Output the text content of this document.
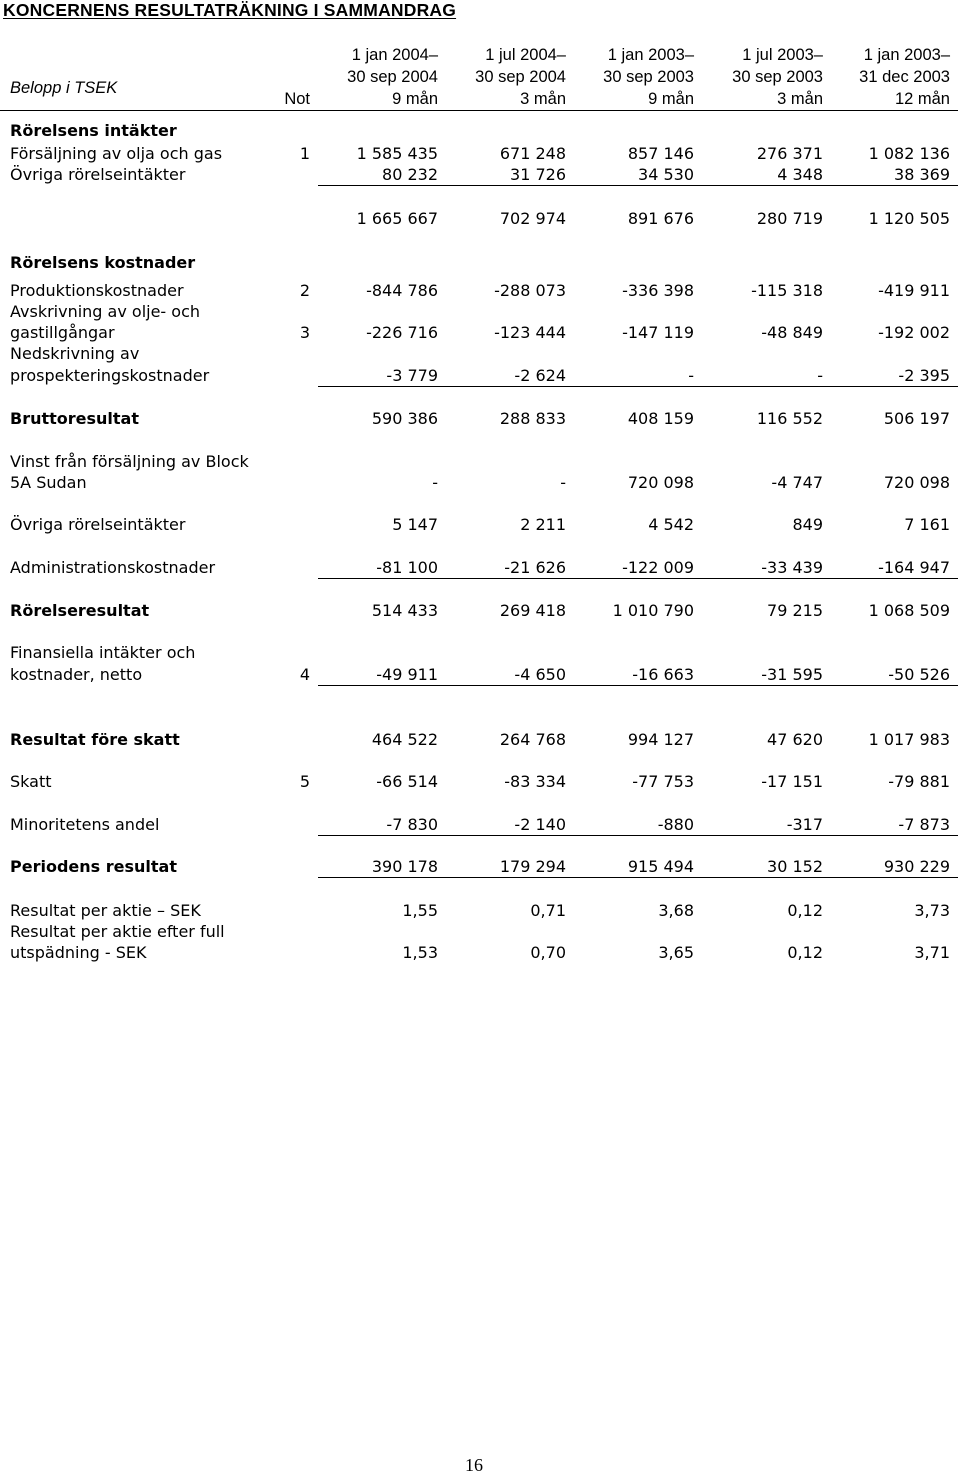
KONCERNENS RESULTATRÄKNING I SAMMANDRAG
1 jan 2004–	1 jul 2004–	1 jan 2003–	1 jul 2003–	1 jan 2003–
Belopp i TSEK
30 sep 2004	30 sep 2004	30 sep 2003	30 sep 2003	31 dec 2003
Not	9 mån	3 mån	9 mån	3 mån	12 mån
Rörelsens intäkter
Försäljning av olja och gas	1	1 585 435	671 248	857 146	276 371	1 082 136
Övriga rörelseintäkter	80 232	31 726	34 530	4 348	38 369
1 665 667	702 974	891 676	280 719	1 120 505
Rörelsens kostnader
Produktionskostnader	2	-844 786	-288 073	-336 398	-115 318	-419 911
Avskrivning av olje- och
gastillgångar	3	-226 716	-123 444	-147 119	-48 849	-192 002
Nedskrivning av
prospekteringskostnader	-3 779	-2 624	-	-	-2 395
Bruttoresultat	590 386	288 833	408 159	116 552	506 197
Vinst från försäljning av Block
5A Sudan	-	-	720 098	-4 747	720 098
Övriga rörelseintäkter	5 147	2 211	4 542	849	7 161
Administrationskostnader	-81 100	-21 626	-122 009	-33 439	-164 947
Rörelseresultat	514 433	269 418	1 010 790	79 215	1 068 509
Finansiella intäkter och
kostnader, netto	4	-49 911	-4 650	-16 663	-31 595	-50 526
Resultat före skatt	464 522	264 768	994 127	47 620	1 017 983
Skatt	5	-66 514	-83 334	-77 753	-17 151	-79 881
Minoritetens andel	-7 830	-2 140	-880	-317	-7 873
Periodens resultat	390 178	179 294	915 494	30 152	930 229
Resultat per aktie – SEK	1,55	0,71	3,68	0,12	3,73
Resultat per aktie efter full
utspädning - SEK	1,53	0,70	3,65	0,12	3,71
16
